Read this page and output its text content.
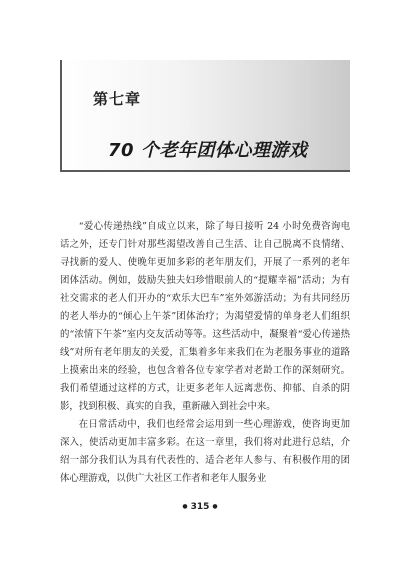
第七章
70 个老年团体心理游戏

“爱心传递热线”自成立以来，除了每日接听 24 小时免费咨询电话之外，还专门针对那些渴望改善自己生活、让自己脱离不良情绪、寻找新的爱人、使晚年更加多彩的老年朋友们，开展了一系列的老年团体活动。例如，鼓励失独夫妇珍惜眼前人的“提耀幸福”活动；为有社交需求的老人们开办的“欢乐大巴车”室外郊游活动；为有共同经历的老人举办的“倾心上午茶”团体治疗；为渴望爱情的单身老人们组织的“浓情下午茶”室内交友活动等等。这些活动中，凝聚着“爱心传递热线”对所有老年朋友的关爱，汇集着多年来我们在为老服务事业的道路上摸索出来的经验，也包含着各位专家学者对老龄工作的深刻研究。我们希望通过这样的方式，让更多老年人远离悲伤、抑郁、自杀的阴影，找到积极、真实的自我，重新融入到社会中来。

在日常活动中，我们也经常会运用到一些心理游戏，使咨询更加深入，使活动更加丰富多彩。在这一章里，我们将对此进行总结，介绍一部分我们认为具有代表性的、适合老年人参与、有积极作用的团体心理游戏，以供广大社区工作者和老年人服务业

● 315 ●
